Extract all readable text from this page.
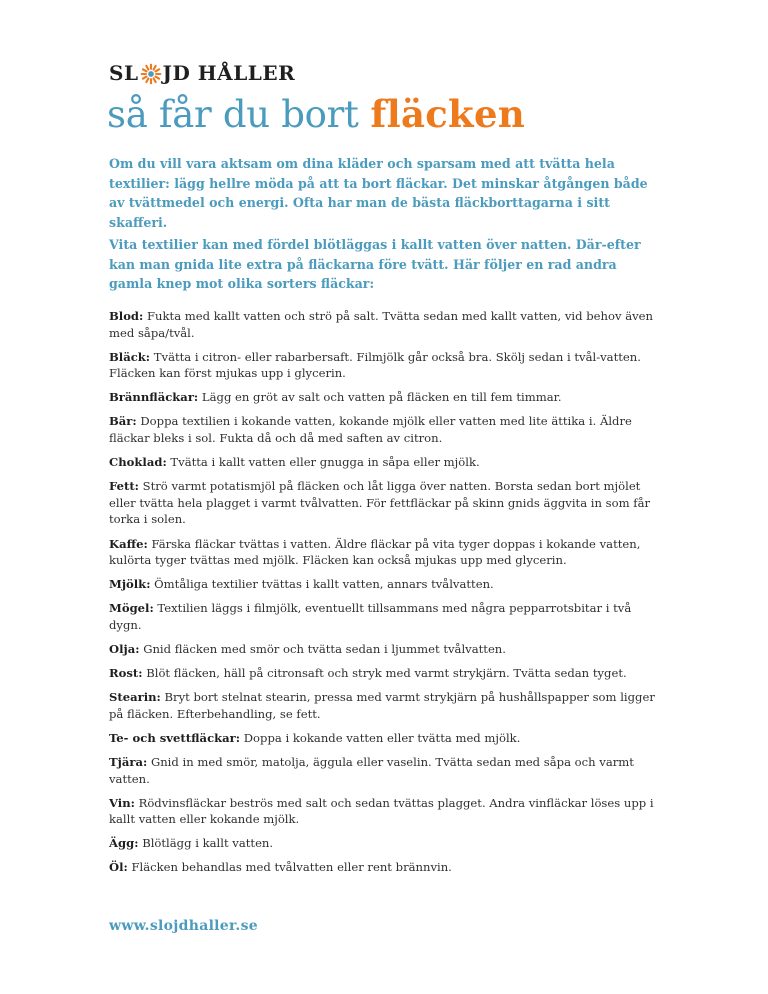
SL JD HÅLLER
så får du bort fläcken

Om du vill vara aktsam om dina kläder och sparsam med att tvätta hela textilier: lägg hellre möda på att ta bort fläckar. Det minskar åtgången både av tvättmedel och energi. Ofta har man de bästa fläckborttagarna i sitt skafferi.

Vita textilier kan med fördel blötläggas i kallt vatten över natten. Där-efter kan man gnida lite extra på fläckarna före tvätt. Här följer en rad andra gamla knep mot olika sorters fläckar:

Blod: Fukta med kallt vatten och strö på salt. Tvätta sedan med kallt vatten, vid behov även med såpa/tvål.

Bläck: Tvätta i citron- eller rabarbersaft. Filmjölk går också bra. Skölj sedan i tvål-vatten. Fläcken kan först mjukas upp i glycerin.

Brännfläckar: Lägg en gröt av salt och vatten på fläcken en till fem timmar.

Bär: Doppa textilien i kokande vatten, kokande mjölk eller vatten med lite ättika i. Äldre fläckar bleks i sol. Fukta då och då med saften av citron.

Choklad: Tvätta i kallt vatten eller gnugga in såpa eller mjölk.

Fett: Strö varmt potatismjöl på fläcken och låt ligga över natten. Borsta sedan bort mjölet eller tvätta hela plagget i varmt tvålvatten. För fettfläckar på skinn gnids äggvita in som får torka i solen.

Kaffe: Färska fläckar tvättas i vatten. Äldre fläckar på vita tyger doppas i kokande vatten, kulörta tyger tvättas med mjölk. Fläcken kan också mjukas upp med glycerin.

Mjölk: Ömtåliga textilier tvättas i kallt vatten, annars tvålvatten.

Mögel: Textilien läggs i filmjölk, eventuellt tillsammans med några pepparrotsbitar i två dygn.

Olja: Gnid fläcken med smör och tvätta sedan i ljummet tvålvatten.

Rost: Blöt fläcken, häll på citronsaft och stryk med varmt strykjärn. Tvätta sedan tyget.

Stearin: Bryt bort stelnat stearin, pressa med varmt strykjärn på hushållspapper som ligger på fläcken. Efterbehandling, se fett.

Te- och svettfläckar: Doppa i kokande vatten eller tvätta med mjölk.

Tjära: Gnid in med smör, matolja, äggula eller vaselin. Tvätta sedan med såpa och varmt vatten.

Vin: Rödvinsfläckar beströs med salt och sedan tvättas plagget. Andra vinfläckar löses upp i kallt vatten eller kokande mjölk.

Ägg: Blötlägg i kallt vatten.

Öl: Fläcken behandlas med tvålvatten eller rent brännvin.

www.slojdhaller.se
